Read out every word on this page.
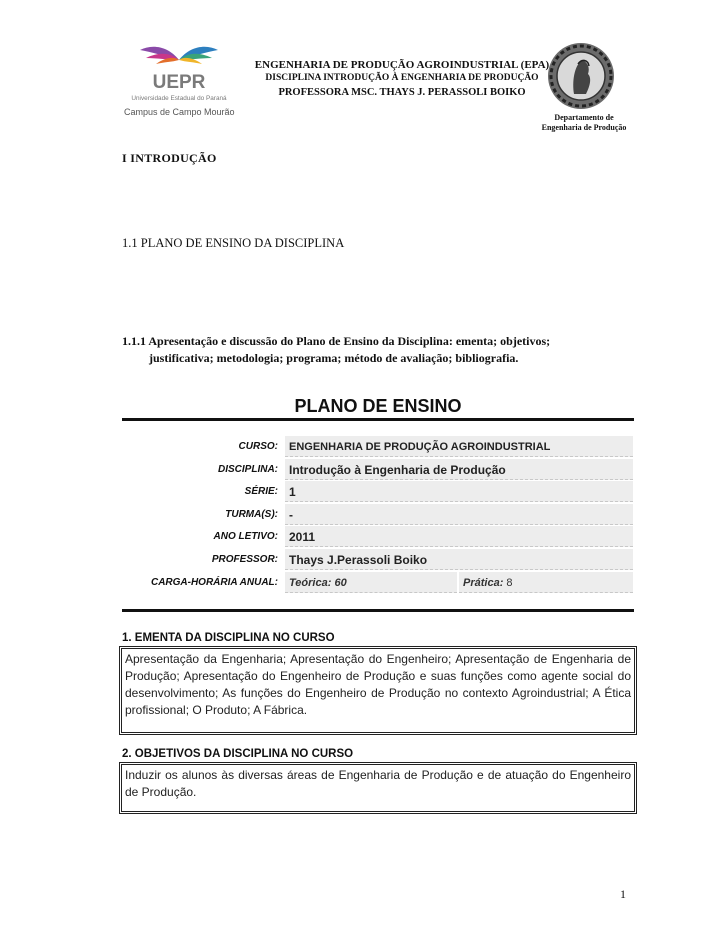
UEPR
Universidade Estadual do Paraná
Campus de Campo Mourão
ENGENHARIA DE PRODUÇÃO AGROINDUSTRIAL (EPA)
DISCIPLINA INTRODUÇÃO À ENGENHARIA DE PRODUÇÃO
PROFESSORA MSC. THAYS J. PERASSOLI BOIKO
Departamento de
Engenharia de Produção
I INTRODUÇÃO
1.1 PLANO DE ENSINO DA DISCIPLINA
1.1.1 Apresentação e discussão do Plano de Ensino da Disciplina: ementa; objetivos;
justificativa; metodologia; programa; método de avaliação; bibliografia.
PLANO DE ENSINO
CURSO:	ENGENHARIA DE PRODUÇÃO AGROINDUSTRIAL
DISCIPLINA: Introdução à Engenharia de Produção
SÉRIE: 1
TURMA(S): -
ANO LETIVO: 2011
PROFESSOR: Thays J.Perassoli Boiko
CARGA-HORÁRIA ANUAL:	Teórica: 60	Prática: 8
1. EMENTA DA DISCIPLINA NO CURSO
Apresentação da Engenharia; Apresentação do Engenheiro; Apresentação de Engenharia de Produção; Apresentação do Engenheiro de Produção e suas funções como agente social do desenvolvimento; As funções do Engenheiro de Produção no contexto Agroindustrial; A Ética profissional; O Produto; A Fábrica.
2. OBJETIVOS DA DISCIPLINA NO CURSO
Induzir os alunos às diversas áreas de Engenharia de Produção e de atuação do Engenheiro de Produção.
1
